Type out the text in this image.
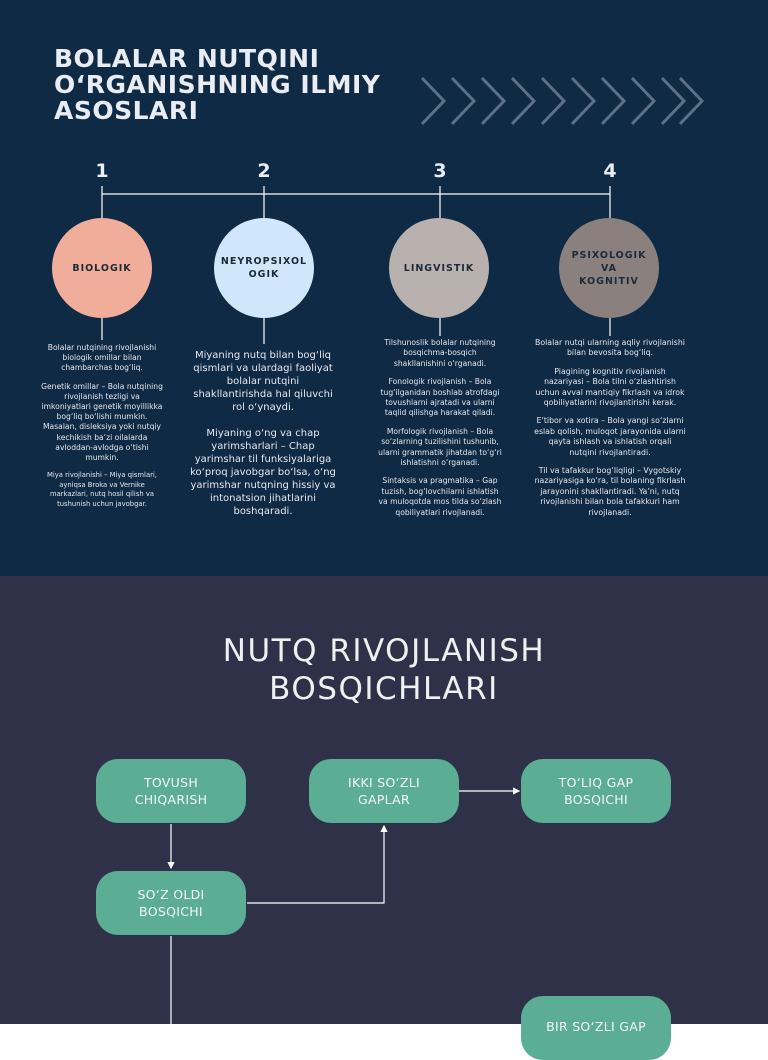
BOLALAR NUTQINI
O‘RGANISHNING ILMIY
ASOSLARI
1	2	3	4
BIOLOGIK
NEYROPSIXOLOGIK
LINGVISTIK
PSIXOLOGIK VA KOGNITIV

Bolalar nutqining rivojlanishi biologik omillar bilan chambarchas bog‘liq.

Genetik omillar – Bola nutqining rivojlanish tezligi va imkoniyatlari genetik moyillikka bog‘liq bo‘lishi mumkin. Masalan, disleksiya yoki nutqiy kechikish ba’zi oilalarda avloddan-avlodga o‘tishi mumkin.

Miya rivojlanishi – Miya qismlari, ayniqsa Broka va Vernike markazlari, nutq hosil qilish va tushunish uchun javobgar.

Miyaning nutq bilan bog‘liq qismlari va ulardagi faoliyat bolalar nutqini shakllantirishda hal qiluvchi rol o‘ynaydi.

Miyaning o‘ng va chap yarimsharlari – Chap yarimshar til funksiyalariga ko‘proq javobgar bo‘lsa, o‘ng yarimshar nutqning hissiy va intonatsion jihatlarini boshqaradi.

Tilshunoslik bolalar nutqining bosqichma-bosqich shakllanishini o‘rganadi.

Fonologik rivojlanish – Bola tug‘ilganidan boshlab atrofdagi tovushlarni ajratadi va ularni taqlid qilishga harakat qiladi.

Morfologik rivojlanish – Bola so‘zlarning tuzilishini tushunib, ularni grammatik jihatdan to‘g‘ri ishlatishni o‘rganadi.

Sintaksis va pragmatika – Gap tuzish, bog‘lovchilarni ishlatish va muloqotda mos tilda so‘zlash qobiliyatlari rivojlanadi.

Bolalar nutqi ularning aqliy rivojlanishi bilan bevosita bog‘liq.

Piagining kognitiv rivojlanish nazariyasi – Bola tilni o‘zlashtirish uchun avval mantiqiy fikrlash va idrok qobiliyatlarini rivojlantirishi kerak.

E’tibor va xotira – Bola yangi so‘zlarni eslab qolish, muloqot jarayonida ularni qayta ishlash va ishlatish orqali nutqini rivojlantiradi.

Til va tafakkur bog‘liqligi – Vygotskiy nazariyasiga ko‘ra, til bolaning fikrlash jarayonini shakllantiradi. Ya’ni, nutq rivojlanishi bilan bola tafakkuri ham rivojlanadi.

NUTQ RIVOJLANISH
BOSQICHLARI
TOVUSH
CHIQARISH
IKKI SO‘ZLI
GAPLAR
TO‘LIQ GAP
BOSQICHI
SO‘Z OLDI
BOSQICHI
BIR SO‘ZLI GAP
